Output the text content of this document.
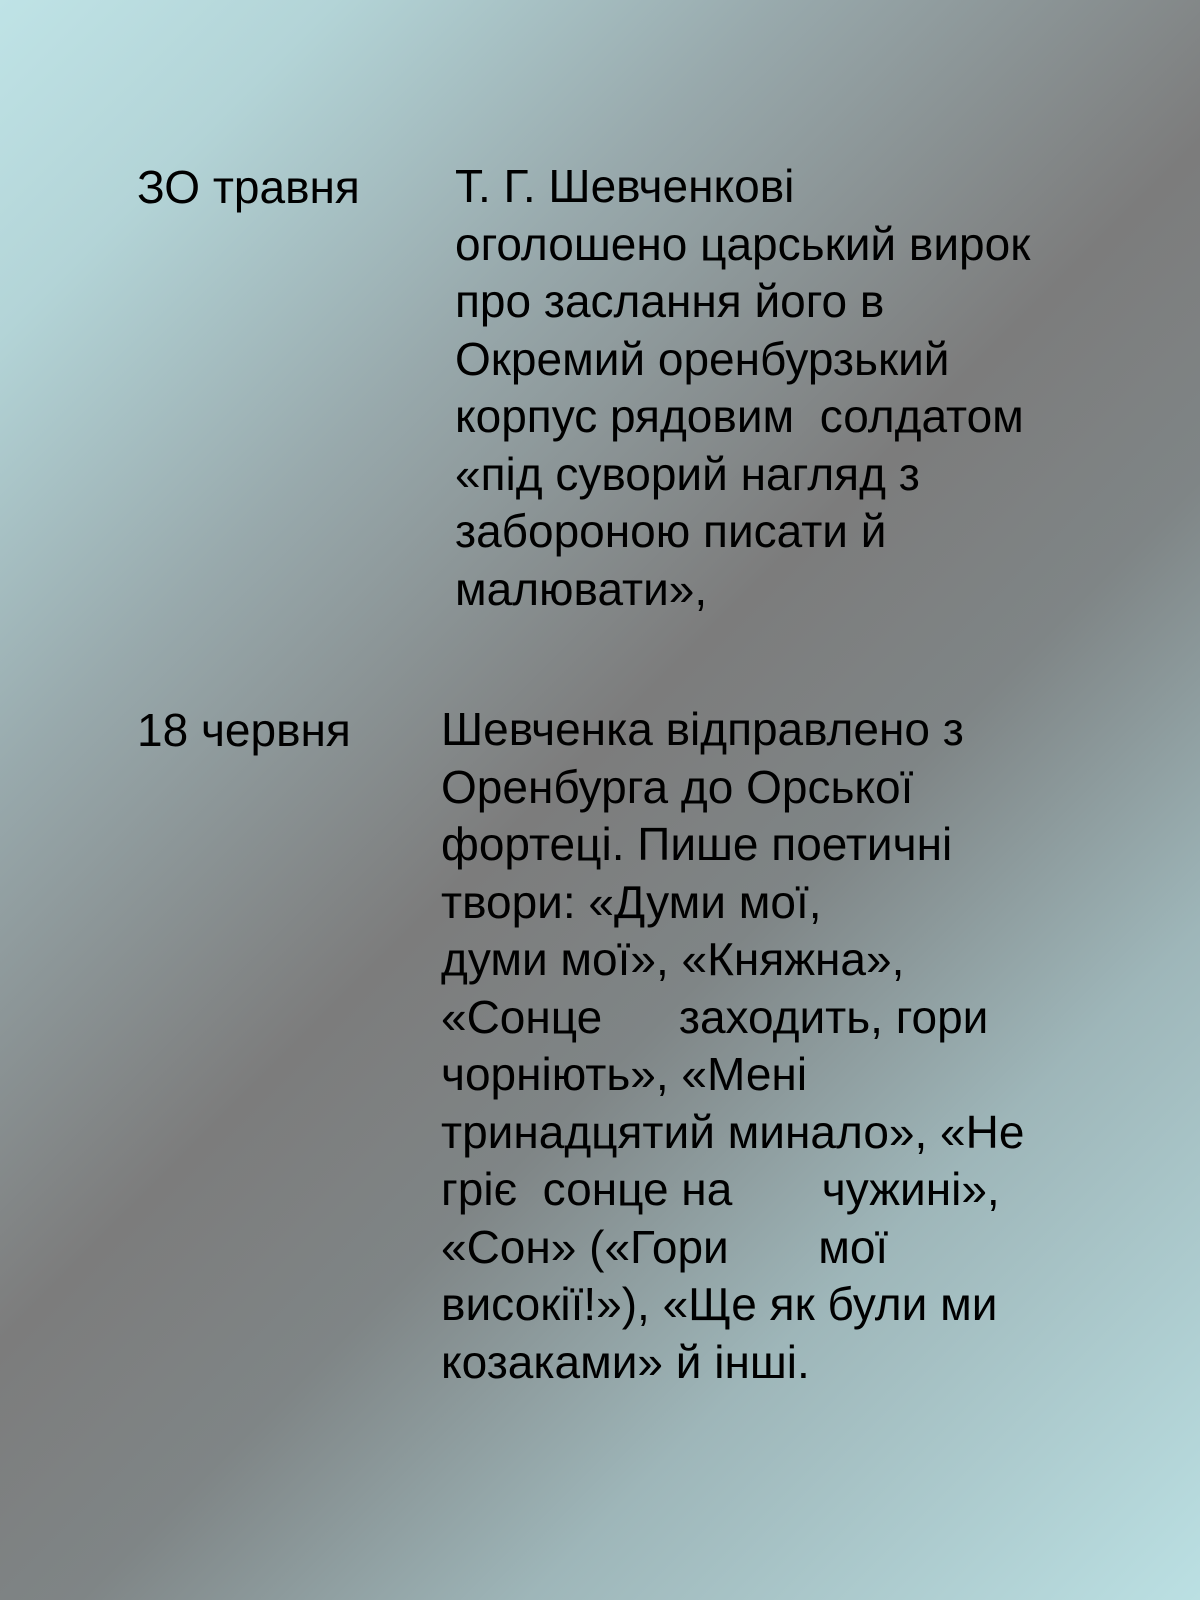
ЗО травня Т. Г. Шевченкові
оголошено царський вирок
про заслання його в
Окремий оренбурзький
корпус рядовим  солдатом
«під суворий нагляд з
забороною писати й
малювати»,
18 червня Шевченка відправлено з
Оренбурга до Орської
фортеці. Пише поетичні
твори: «Думи мої,
думи мої», «Княжна»,
«Сонце      заходить, гори
чорніють», «Мені
тринадцятий минало», «Не
гріє  сонце на       чужині»,
«Сон» («Гори       мої
високії!»), «Ще як були ми
козаками» й інші.
